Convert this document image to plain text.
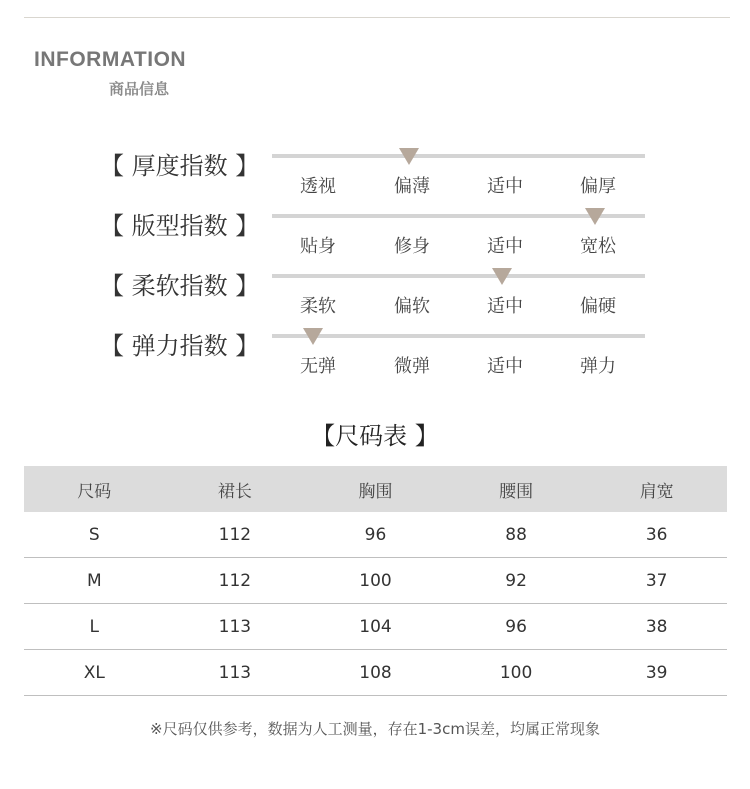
INFORMATION
商品信息
【 厚度指数 】
透视	偏薄	适中	偏厚
【 版型指数 】
贴身	修身	适中	宽松
【 柔软指数 】
柔软	偏软	适中	偏硬
【 弹力指数 】
无弹	微弹	适中	弹力
【尺码表 】
尺码	裙长	胸围	腰围	肩宽
S	112	96	88	36
M	112	100	92	37
L	113	104	96	38
XL	113	108	100	39
※尺码仅供参考，数据为人工测量，存在1-3cm误差，均属正常现象
